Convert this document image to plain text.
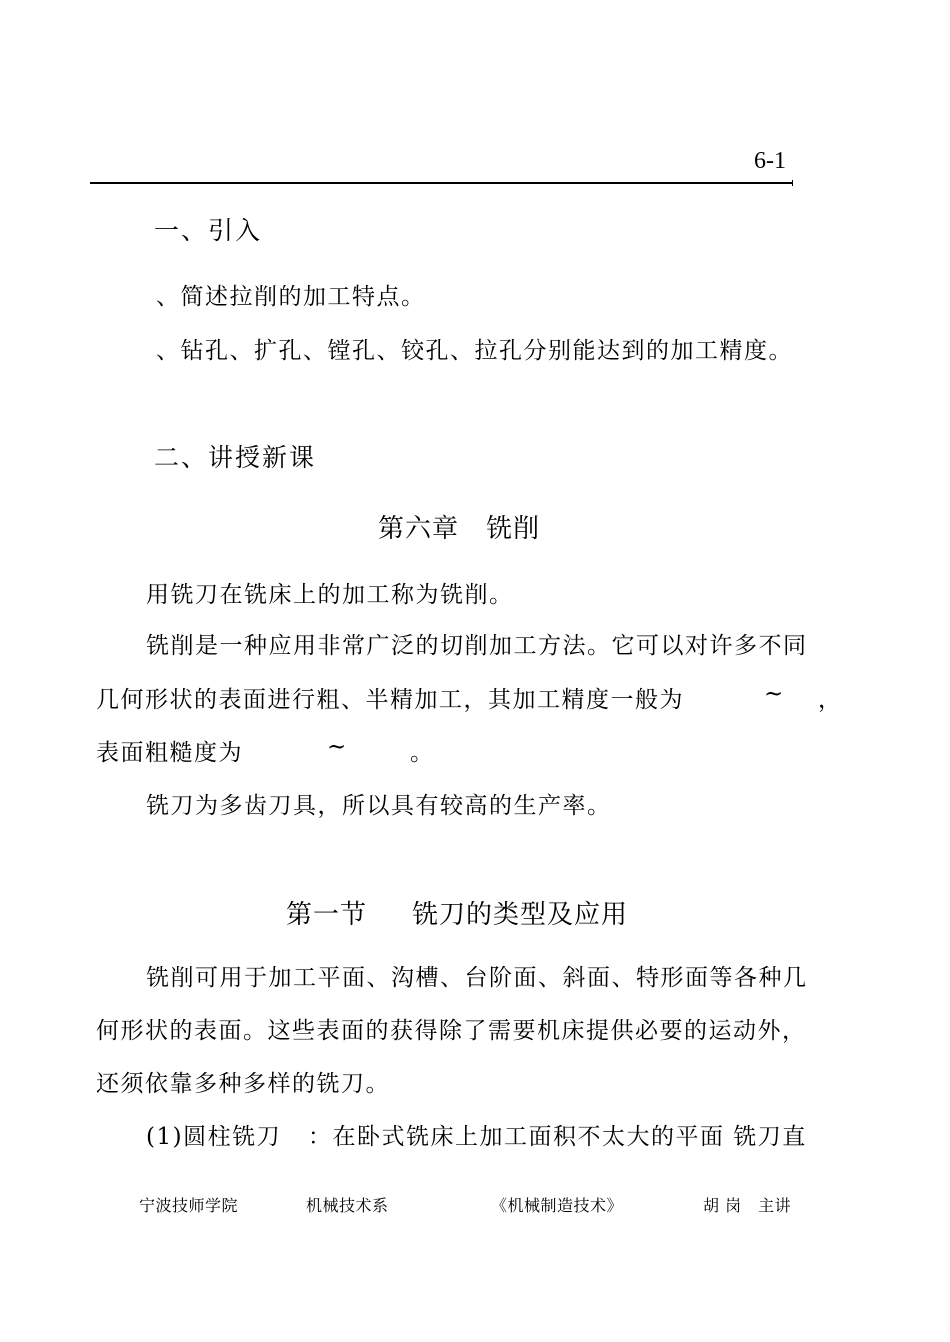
6-1
一、引入
、简述拉削的加工特点。
、钻孔、扩孔、镗孔、铰孔、拉孔分别能达到的加工精度。
二、讲授新课
第六章　铣削
用铣刀在铣床上的加工称为铣削。
铣削是一种应用非常广泛的切削加工方法。它可以对许多不同
几何形状的表面进行粗、半精加工，其加工精度一般为	~ ，
表面粗糙度为	~	。
铣刀为多齿刀具，所以具有较高的生产率。
第一节 铣刀的类型及应用
铣削可用于加工平面、沟槽、台阶面、斜面、特形面等各种几
何形状的表面。这些表面的获得除了需要机床提供必要的运动外，
还须依靠多种多样的铣刀。
(1)圆柱铣刀 ：在卧式铣床上加工面积不太大的平面 铣刀直
宁波技师学院	机械技术系	《机械制造技术》	胡 岗　主讲
